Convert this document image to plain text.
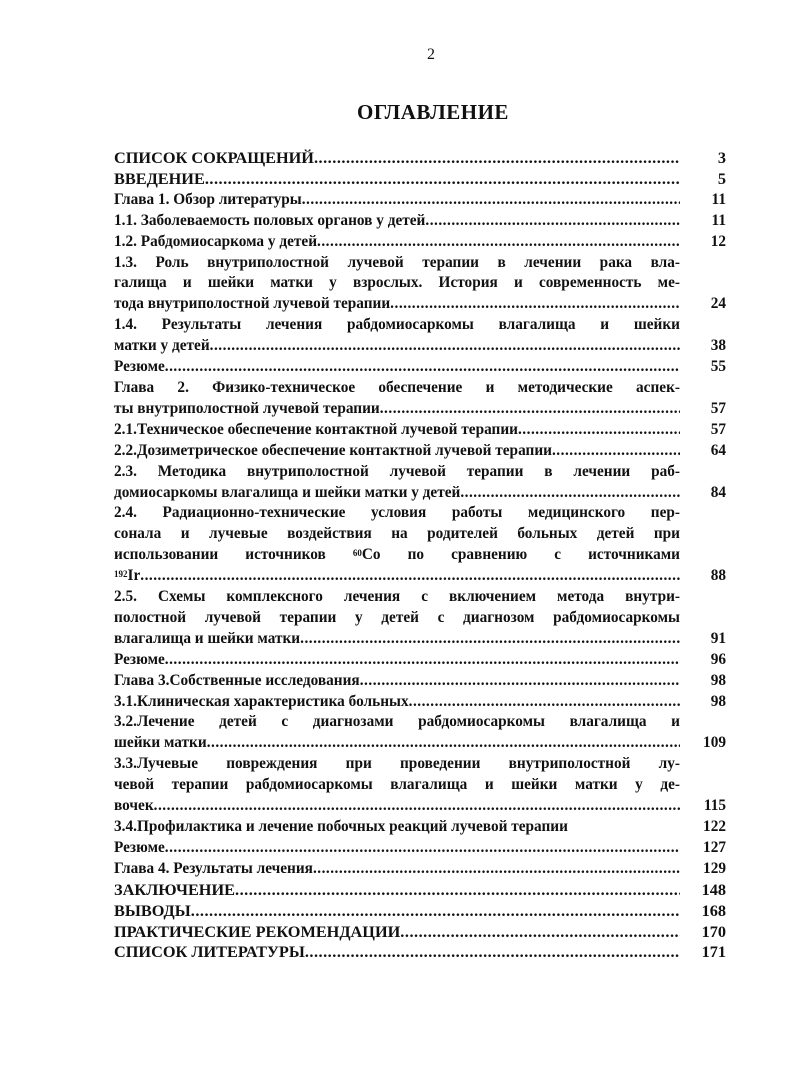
2
ОГЛАВЛЕНИЕ
СПИСОК СОКРАЩЕНИЙ .....	3
ВВЕДЕНИЕ .....	5
Глава 1. Обзор литературы .....	11
1.1. Заболеваемость половых органов у детей .....	11
1.2. Рабдомиосаркома у детей .....	12
1.3. Роль внутриполостной лучевой терапии в лечении рака вла-
галища и шейки матки у взрослых. История и современность ме-
тода внутриполостной лучевой терапии .....	24
1.4. Результаты лечения рабдомиосаркомы влагалища и шейки
матки у детей .....	38
Резюме .....	55
Глава 2. Физико-техническое обеспечение и методические аспек-
ты внутриполостной лучевой терапии .....	57
2.1.Техническое обеспечение контактной лучевой терапии .....	57
2.2.Дозиметрическое обеспечение контактной лучевой терапии .....	64
2.3. Методика внутриполостной лучевой терапии в лечении раб-
домиосаркомы влагалища и шейки матки у детей .....	84
2.4. Радиационно-технические условия работы медицинского пер-
сонала и лучевые воздействия на родителей больных детей при
использовании источников $^{60}$Co по сравнению с источниками
$^{192}$Ir .....	88
2.5. Схемы комплексного лечения с включением метода внутри-
полостной лучевой терапии у детей с диагнозом рабдомиосаркомы
влагалища и шейки матки .....	91
Резюме .....	96
Глава 3.Собственные исследования .....	98
3.1.Клиническая характеристика больных .....	98
3.2.Лечение детей с диагнозами рабдомиосаркомы влагалища и
шейки матки .....	109
3.3.Лучевые повреждения при проведении внутриполостной лу-
чевой терапии рабдомиосаркомы влагалища и шейки матки у де-
вочек .....	115
3.4.Профилактика и лечение побочных реакций лучевой терапии	122
Резюме .....	127
Глава 4. Результаты лечения .....	129
ЗАКЛЮЧЕНИЕ .....	148
ВЫВОДЫ .....	168
ПРАКТИЧЕСКИЕ РЕКОМЕНДАЦИИ .....	170
СПИСОК ЛИТЕРАТУРЫ .....	171
